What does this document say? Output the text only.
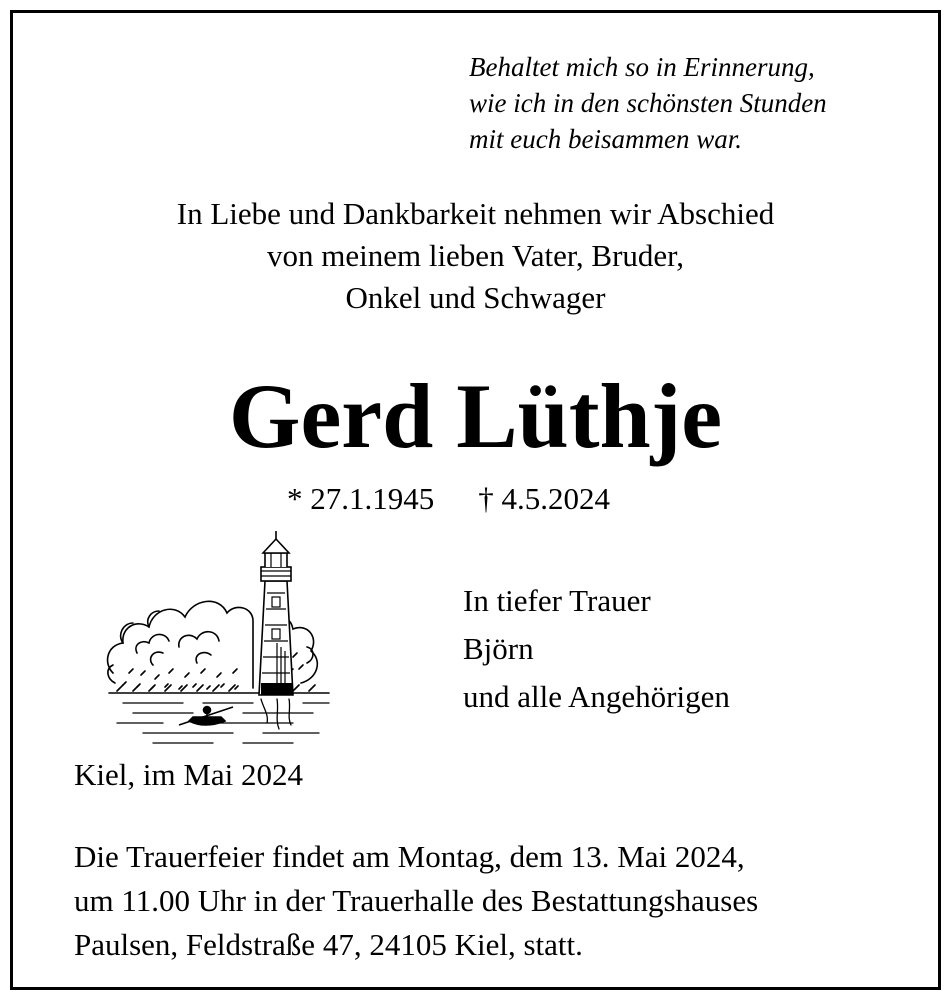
Behaltet mich so in Erinnerung,
wie ich in den schönsten Stunden
mit euch beisammen war.
In Liebe und Dankbarkeit nehmen wir Abschied
von meinem lieben Vater, Bruder,
Onkel und Schwager
Gerd Lüthje
* 27.1.1945 † 4.5.2024
In tiefer Trauer
Björn
und alle Angehörigen
Kiel, im Mai 2024
Die Trauerfeier findet am Montag, dem 13. Mai 2024,
um 11.00 Uhr in der Trauerhalle des Bestattungshauses
Paulsen, Feldstraße 47, 24105 Kiel, statt.
